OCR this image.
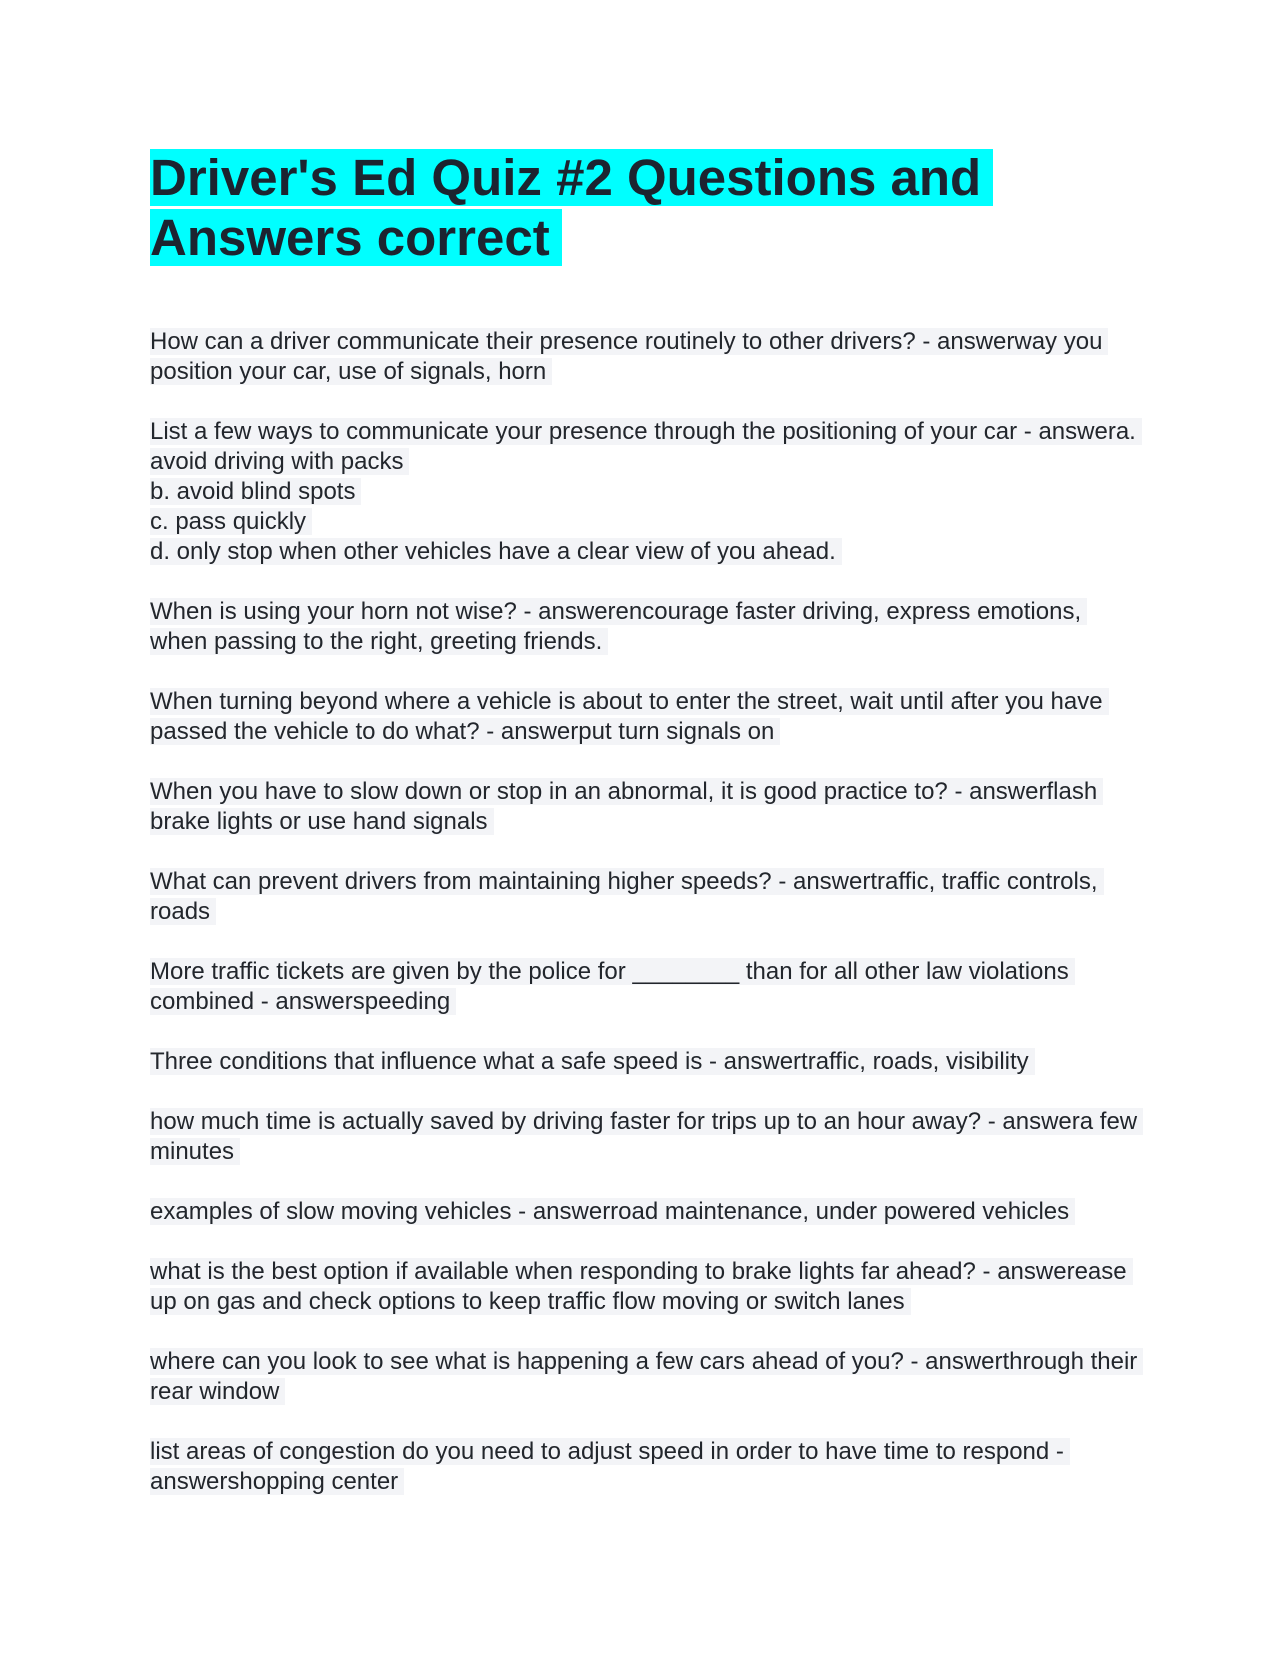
Driver's Ed Quiz #2 Questions and Answers correct

How can a driver communicate their presence routinely to other drivers? - answerway you position your car, use of signals, horn

List a few ways to communicate your presence through the positioning of your car - answera. avoid driving with packs
b. avoid blind spots
c. pass quickly
d. only stop when other vehicles have a clear view of you ahead.

When is using your horn not wise? - answerencourage faster driving, express emotions, when passing to the right, greeting friends.

When turning beyond where a vehicle is about to enter the street, wait until after you have passed the vehicle to do what? - answerput turn signals on

When you have to slow down or stop in an abnormal, it is good practice to? - answerflash brake lights or use hand signals

What can prevent drivers from maintaining higher speeds? - answertraffic, traffic controls, roads

More traffic tickets are given by the police for ________ than for all other law violations combined - answerspeeding

Three conditions that influence what a safe speed is - answertraffic, roads, visibility

how much time is actually saved by driving faster for trips up to an hour away? - answera few minutes

examples of slow moving vehicles - answerroad maintenance, under powered vehicles

what is the best option if available when responding to brake lights far ahead? - answerease up on gas and check options to keep traffic flow moving or switch lanes

where can you look to see what is happening a few cars ahead of you? - answerthrough their rear window

list areas of congestion do you need to adjust speed in order to have time to respond - answershopping center
